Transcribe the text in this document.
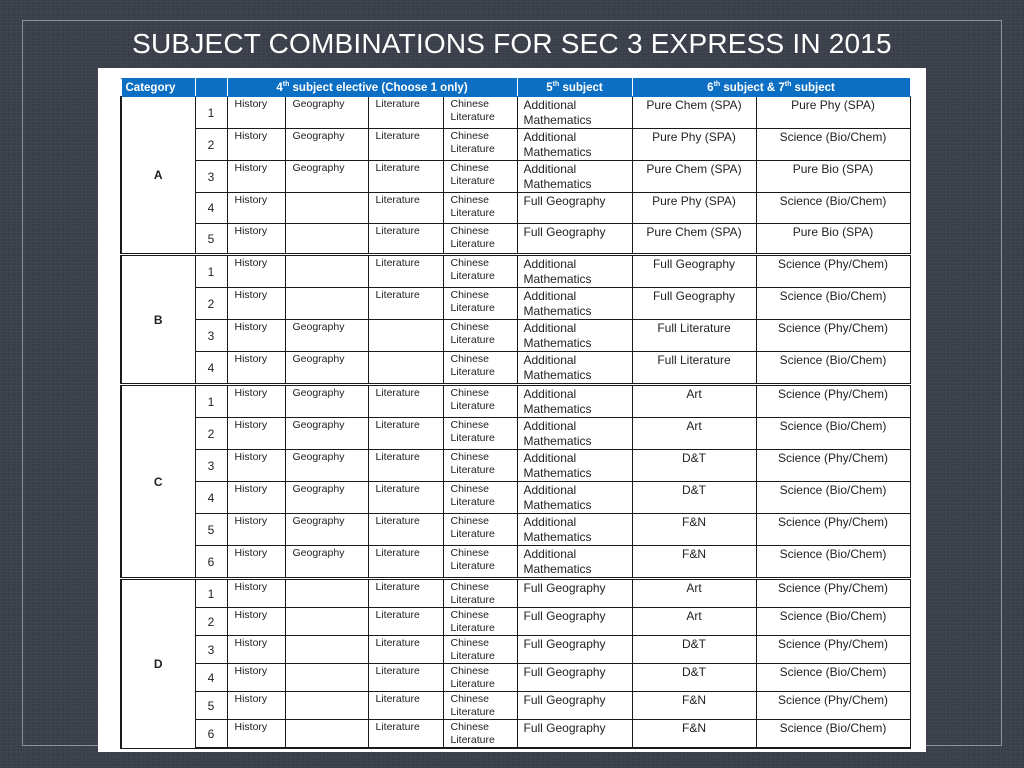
SUBJECT COMBINATIONS FOR SEC 3 EXPRESS IN 2015
Category		4th subject elective (Choose 1 only)				5th subject	6th subject & 7th subject	
A	1	History	Geography	Literature	Chinese Literature	Additional Mathematics	Pure Chem (SPA)	Pure Phy (SPA)
	2	History	Geography	Literature	Chinese Literature	Additional Mathematics	Pure Phy (SPA)	Science (Bio/Chem)
	3	History	Geography	Literature	Chinese Literature	Additional Mathematics	Pure Chem (SPA)	Pure Bio (SPA)
	4	History		Literature	Chinese Literature	Full Geography	Pure Phy (SPA)	Science (Bio/Chem)
	5	History		Literature	Chinese Literature	Full Geography	Pure Chem (SPA)	Pure Bio (SPA)
B	1	History		Literature	Chinese Literature	Additional Mathematics	Full Geography	Science (Phy/Chem)
	2	History		Literature	Chinese Literature	Additional Mathematics	Full Geography	Science (Bio/Chem)
	3	History	Geography		Chinese Literature	Additional Mathematics	Full Literature	Science (Phy/Chem)
	4	History	Geography		Chinese Literature	Additional Mathematics	Full Literature	Science (Bio/Chem)
C	1	History	Geography	Literature	Chinese Literature	Additional Mathematics	Art	Science (Phy/Chem)
	2	History	Geography	Literature	Chinese Literature	Additional Mathematics	Art	Science (Bio/Chem)
	3	History	Geography	Literature	Chinese Literature	Additional Mathematics	D&T	Science (Phy/Chem)
	4	History	Geography	Literature	Chinese Literature	Additional Mathematics	D&T	Science (Bio/Chem)
	5	History	Geography	Literature	Chinese Literature	Additional Mathematics	F&N	Science (Phy/Chem)
	6	History	Geography	Literature	Chinese Literature	Additional Mathematics	F&N	Science (Bio/Chem)
D	1	History		Literature	Chinese Literature	Full Geography	Art	Science (Phy/Chem)
	2	History		Literature	Chinese Literature	Full Geography	Art	Science (Bio/Chem)
	3	History		Literature	Chinese Literature	Full Geography	D&T	Science (Phy/Chem)
	4	History		Literature	Chinese Literature	Full Geography	D&T	Science (Bio/Chem)
	5	History		Literature	Chinese Literature	Full Geography	F&N	Science (Phy/Chem)
	6	History		Literature	Chinese Literature	Full Geography	F&N	Science (Bio/Chem)
